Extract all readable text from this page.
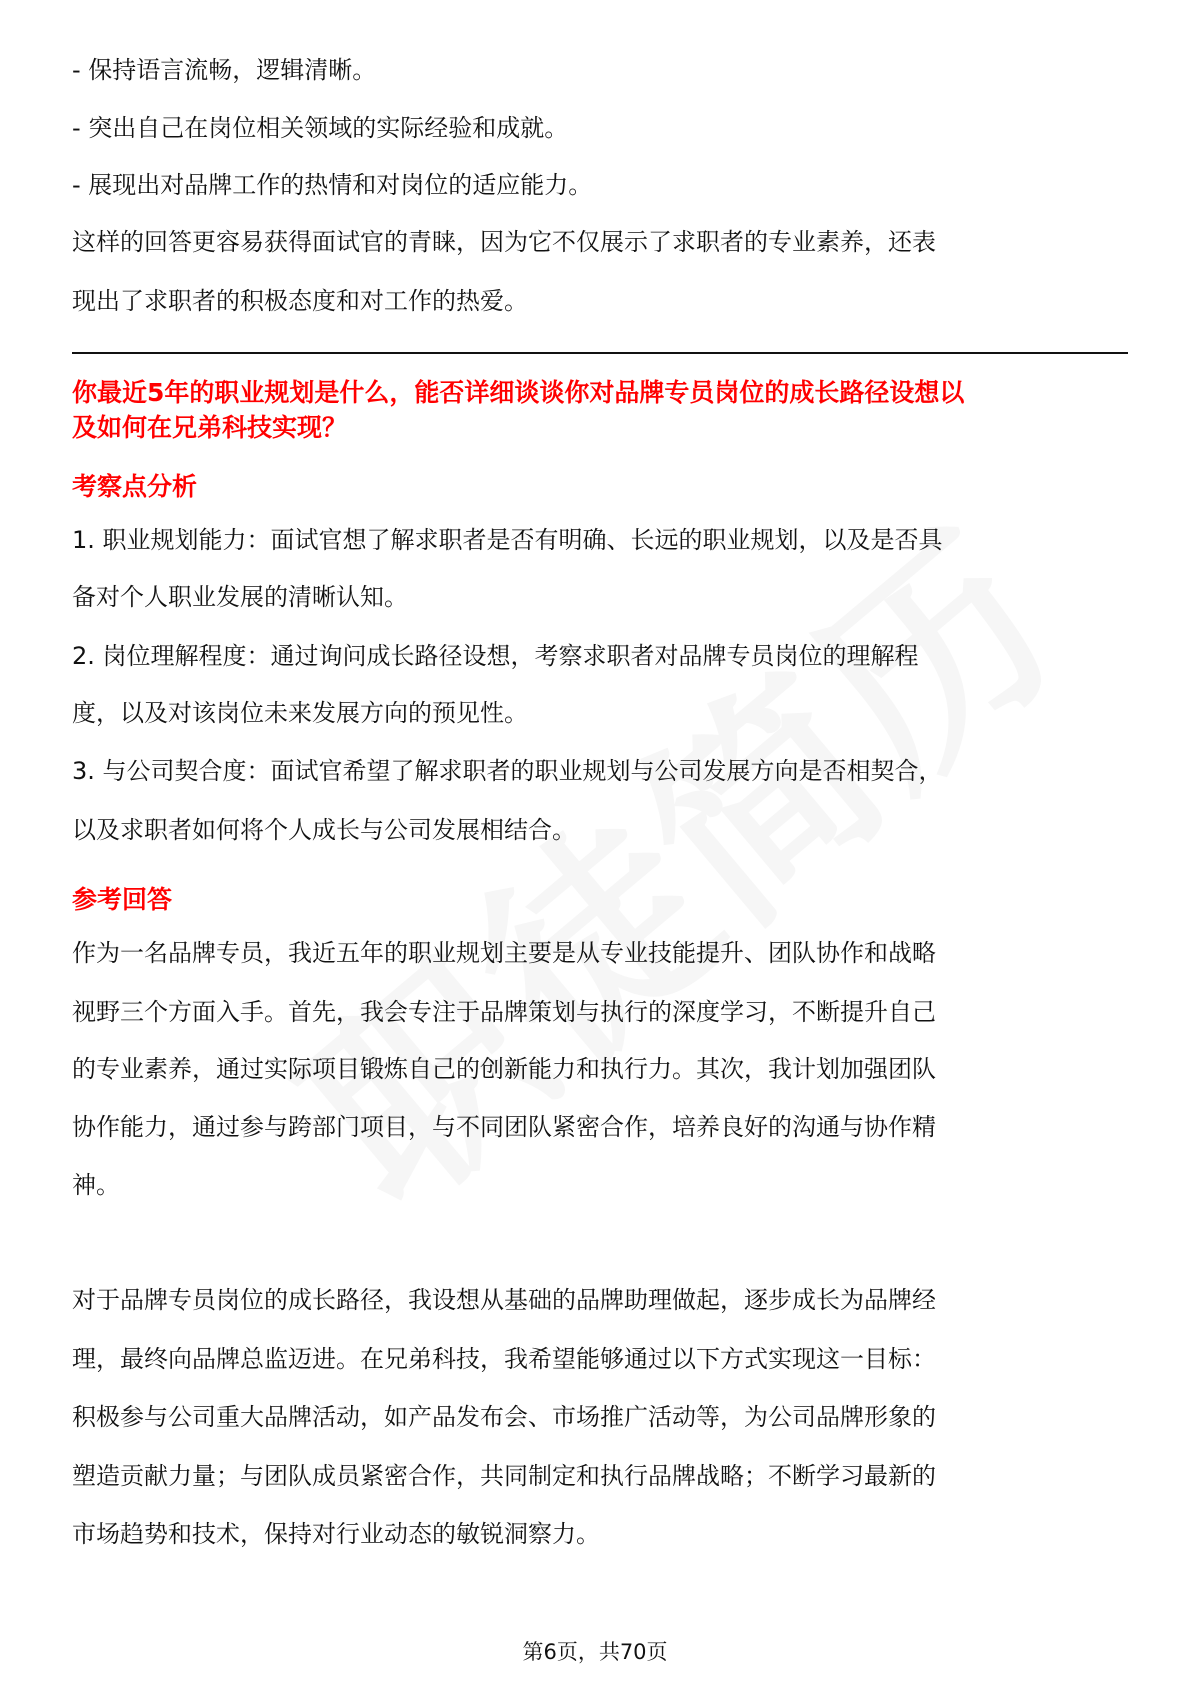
- 保持语言流畅，逻辑清晰。
- 突出自己在岗位相关领域的实际经验和成就。
- 展现出对品牌工作的热情和对岗位的适应能力。
这样的回答更容易获得面试官的青睐，因为它不仅展示了求职者的专业素养，还表
现出了求职者的积极态度和对工作的热爱。
你最近5年的职业规划是什么，能否详细谈谈你对品牌专员岗位的成长路径设想以
及如何在兄弟科技实现？
考察点分析
1. 职业规划能力：面试官想了解求职者是否有明确、长远的职业规划，以及是否具
备对个人职业发展的清晰认知。
2. 岗位理解程度：通过询问成长路径设想，考察求职者对品牌专员岗位的理解程
度，以及对该岗位未来发展方向的预见性。
3. 与公司契合度：面试官希望了解求职者的职业规划与公司发展方向是否相契合，
以及求职者如何将个人成长与公司发展相结合。
参考回答
作为一名品牌专员，我近五年的职业规划主要是从专业技能提升、团队协作和战略
视野三个方面入手。首先，我会专注于品牌策划与执行的深度学习，不断提升自己
的专业素养，通过实际项目锻炼自己的创新能力和执行力。其次，我计划加强团队
协作能力，通过参与跨部门项目，与不同团队紧密合作，培养良好的沟通与协作精
神。
对于品牌专员岗位的成长路径，我设想从基础的品牌助理做起，逐步成长为品牌经
理，最终向品牌总监迈进。在兄弟科技，我希望能够通过以下方式实现这一目标：
积极参与公司重大品牌活动，如产品发布会、市场推广活动等，为公司品牌形象的
塑造贡献力量；与团队成员紧密合作，共同制定和执行品牌战略；不断学习最新的
市场趋势和技术，保持对行业动态的敏锐洞察力。
第6页，共70页
